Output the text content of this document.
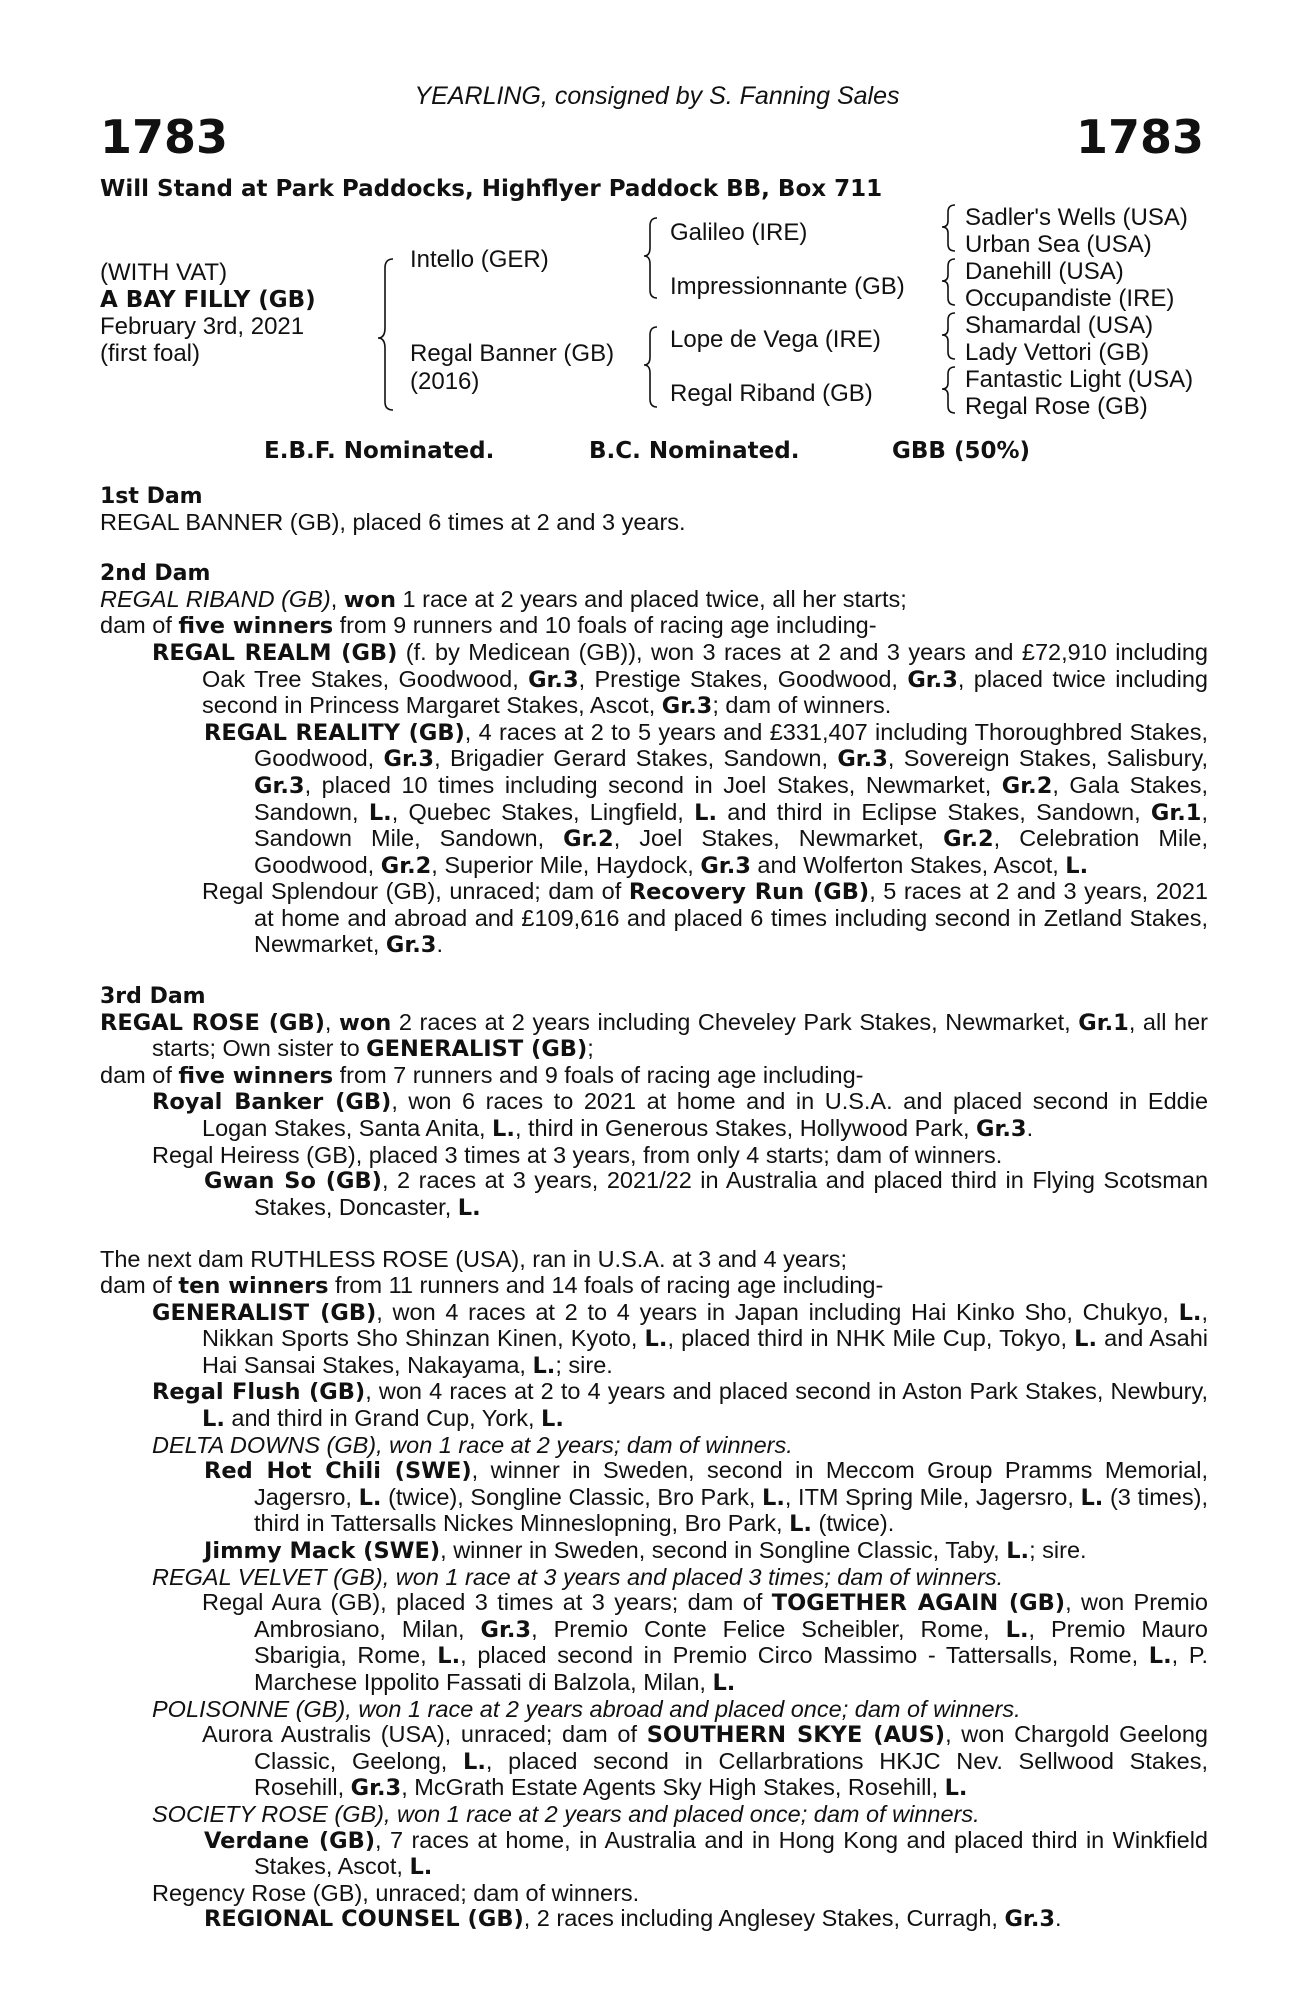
YEARLING, consigned by S. Fanning Sales
1783	1783
Will Stand at Park Paddocks, Highflyer Paddock BB, Box 711
(WITH VAT)
A BAY FILLY (GB)
February 3rd, 2021
(first foal)
Intello (GER)
Regal Banner (GB)
(2016)
Galileo (IRE)
Impressionnante (GB)
Lope de Vega (IRE)
Regal Riband (GB)
Sadler's Wells (USA)
Urban Sea (USA)
Danehill (USA)
Occupandiste (IRE)
Shamardal (USA)
Lady Vettori (GB)
Fantastic Light (USA)
Regal Rose (GB)
E.B.F. Nominated.	B.C. Nominated.	GBB (50%)
1st Dam
REGAL BANNER (GB), placed 6 times at 2 and 3 years.
2nd Dam
REGAL RIBAND (GB), won 1 race at 2 years and placed twice, all her starts;
dam of five winners from 9 runners and 10 foals of racing age including-
REGAL REALM (GB) (f. by Medicean (GB)), won 3 races at 2 and 3 years and £72,910 including Oak Tree Stakes, Goodwood, Gr.3, Prestige Stakes, Goodwood, Gr.3, placed twice including second in Princess Margaret Stakes, Ascot, Gr.3; dam of winners.
REGAL REALITY (GB), 4 races at 2 to 5 years and £331,407 including Thoroughbred Stakes, Goodwood, Gr.3, Brigadier Gerard Stakes, Sandown, Gr.3, Sovereign Stakes, Salisbury, Gr.3, placed 10 times including second in Joel Stakes, Newmarket, Gr.2, Gala Stakes, Sandown, L., Quebec Stakes, Lingfield, L. and third in Eclipse Stakes, Sandown, Gr.1, Sandown Mile, Sandown, Gr.2, Joel Stakes, Newmarket, Gr.2, Celebration Mile, Goodwood, Gr.2, Superior Mile, Haydock, Gr.3 and Wolferton Stakes, Ascot, L.
Regal Splendour (GB), unraced; dam of Recovery Run (GB), 5 races at 2 and 3 years, 2021 at home and abroad and £109,616 and placed 6 times including second in Zetland Stakes, Newmarket, Gr.3.
3rd Dam
REGAL ROSE (GB), won 2 races at 2 years including Cheveley Park Stakes, Newmarket, Gr.1, all her starts; Own sister to GENERALIST (GB);
dam of five winners from 7 runners and 9 foals of racing age including-
Royal Banker (GB), won 6 races to 2021 at home and in U.S.A. and placed second in Eddie Logan Stakes, Santa Anita, L., third in Generous Stakes, Hollywood Park, Gr.3.
Regal Heiress (GB), placed 3 times at 3 years, from only 4 starts; dam of winners.
Gwan So (GB), 2 races at 3 years, 2021/22 in Australia and placed third in Flying Scotsman Stakes, Doncaster, L.
The next dam RUTHLESS ROSE (USA), ran in U.S.A. at 3 and 4 years;
dam of ten winners from 11 runners and 14 foals of racing age including-
GENERALIST (GB), won 4 races at 2 to 4 years in Japan including Hai Kinko Sho, Chukyo, L., Nikkan Sports Sho Shinzan Kinen, Kyoto, L., placed third in NHK Mile Cup, Tokyo, L. and Asahi Hai Sansai Stakes, Nakayama, L.; sire.
Regal Flush (GB), won 4 races at 2 to 4 years and placed second in Aston Park Stakes, Newbury, L. and third in Grand Cup, York, L.
DELTA DOWNS (GB), won 1 race at 2 years; dam of winners.
Red Hot Chili (SWE), winner in Sweden, second in Meccom Group Pramms Memorial, Jagersro, L. (twice), Songline Classic, Bro Park, L., ITM Spring Mile, Jagersro, L. (3 times), third in Tattersalls Nickes Minneslopning, Bro Park, L. (twice).
Jimmy Mack (SWE), winner in Sweden, second in Songline Classic, Taby, L.; sire.
REGAL VELVET (GB), won 1 race at 3 years and placed 3 times; dam of winners.
Regal Aura (GB), placed 3 times at 3 years; dam of TOGETHER AGAIN (GB), won Premio Ambrosiano, Milan, Gr.3, Premio Conte Felice Scheibler, Rome, L., Premio Mauro Sbarigia, Rome, L., placed second in Premio Circo Massimo - Tattersalls, Rome, L., P. Marchese Ippolito Fassati di Balzola, Milan, L.
POLISONNE (GB), won 1 race at 2 years abroad and placed once; dam of winners.
Aurora Australis (USA), unraced; dam of SOUTHERN SKYE (AUS), won Chargold Geelong Classic, Geelong, L., placed second in Cellarbrations HKJC Nev. Sellwood Stakes, Rosehill, Gr.3, McGrath Estate Agents Sky High Stakes, Rosehill, L.
SOCIETY ROSE (GB), won 1 race at 2 years and placed once; dam of winners.
Verdane (GB), 7 races at home, in Australia and in Hong Kong and placed third in Winkfield Stakes, Ascot, L.
Regency Rose (GB), unraced; dam of winners.
REGIONAL COUNSEL (GB), 2 races including Anglesey Stakes, Curragh, Gr.3.
